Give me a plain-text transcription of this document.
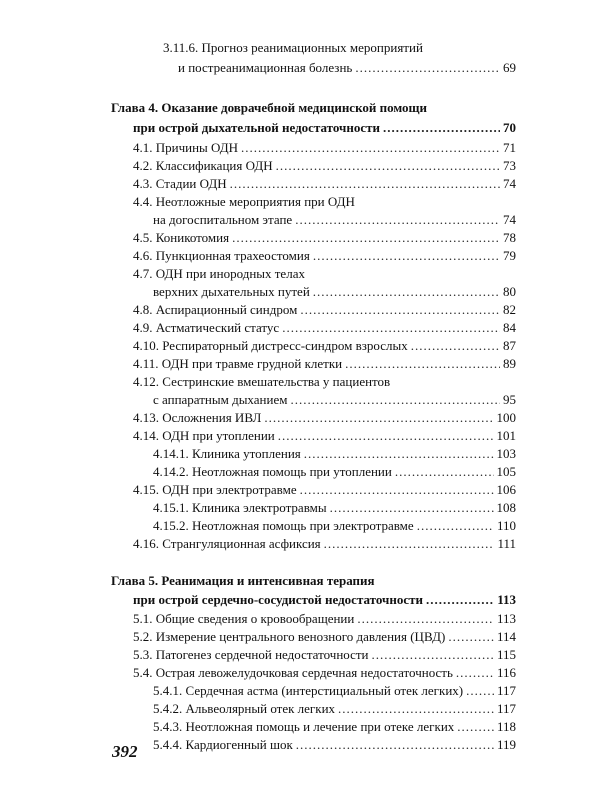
3.11.6. Прогноз реанимационных мероприятий
и постреанимационная болезнь .....	69
Глава 4. Оказание доврачебной медицинской помощи
при острой дыхательной недостаточности .....	70
4.1. Причины ОДН .....	71
4.2. Классификация ОДН .....	73
4.3. Стадии ОДН .....	74
4.4. Неотложные мероприятия при ОДН
на догоспитальном этапе .....	74
4.5. Коникотомия .....	78
4.6. Пункционная трахеостомия .....	79
4.7. ОДН при инородных телах
верхних дыхательных путей .....	80
4.8. Аспирационный синдром .....	82
4.9. Астматический статус .....	84
4.10. Респираторный дистресс-синдром взрослых .....	87
4.11. ОДН при травме грудной клетки .....	89
4.12. Сестринские вмешательства у пациентов
с аппаратным дыханием .....	95
4.13. Осложнения ИВЛ .....	100
4.14. ОДН при утоплении .....	101
4.14.1. Клиника утопления .....	103
4.14.2. Неотложная помощь при утоплении .....	105
4.15. ОДН при электротравме .....	106
4.15.1. Клиника электротравмы .....	108
4.15.2. Неотложная помощь при электротравме .....	110
4.16. Странгуляционная асфиксия .....	111
Глава 5. Реанимация и интенсивная терапия
при острой сердечно-сосудистой недостаточности .....	113
5.1. Общие сведения о кровообращении .....	113
5.2. Измерение центрального венозного давления (ЦВД) .....	114
5.3. Патогенез сердечной недостаточности .....	115
5.4. Острая левожелудочковая сердечная недостаточность .....	116
5.4.1. Сердечная астма (интерстициальный отек легких) .....	117
5.4.2. Альвеолярный отек легких .....	117
5.4.3. Неотложная помощь и лечение при отеке легких .....	118
5.4.4. Кардиогенный шок .....	119
392
